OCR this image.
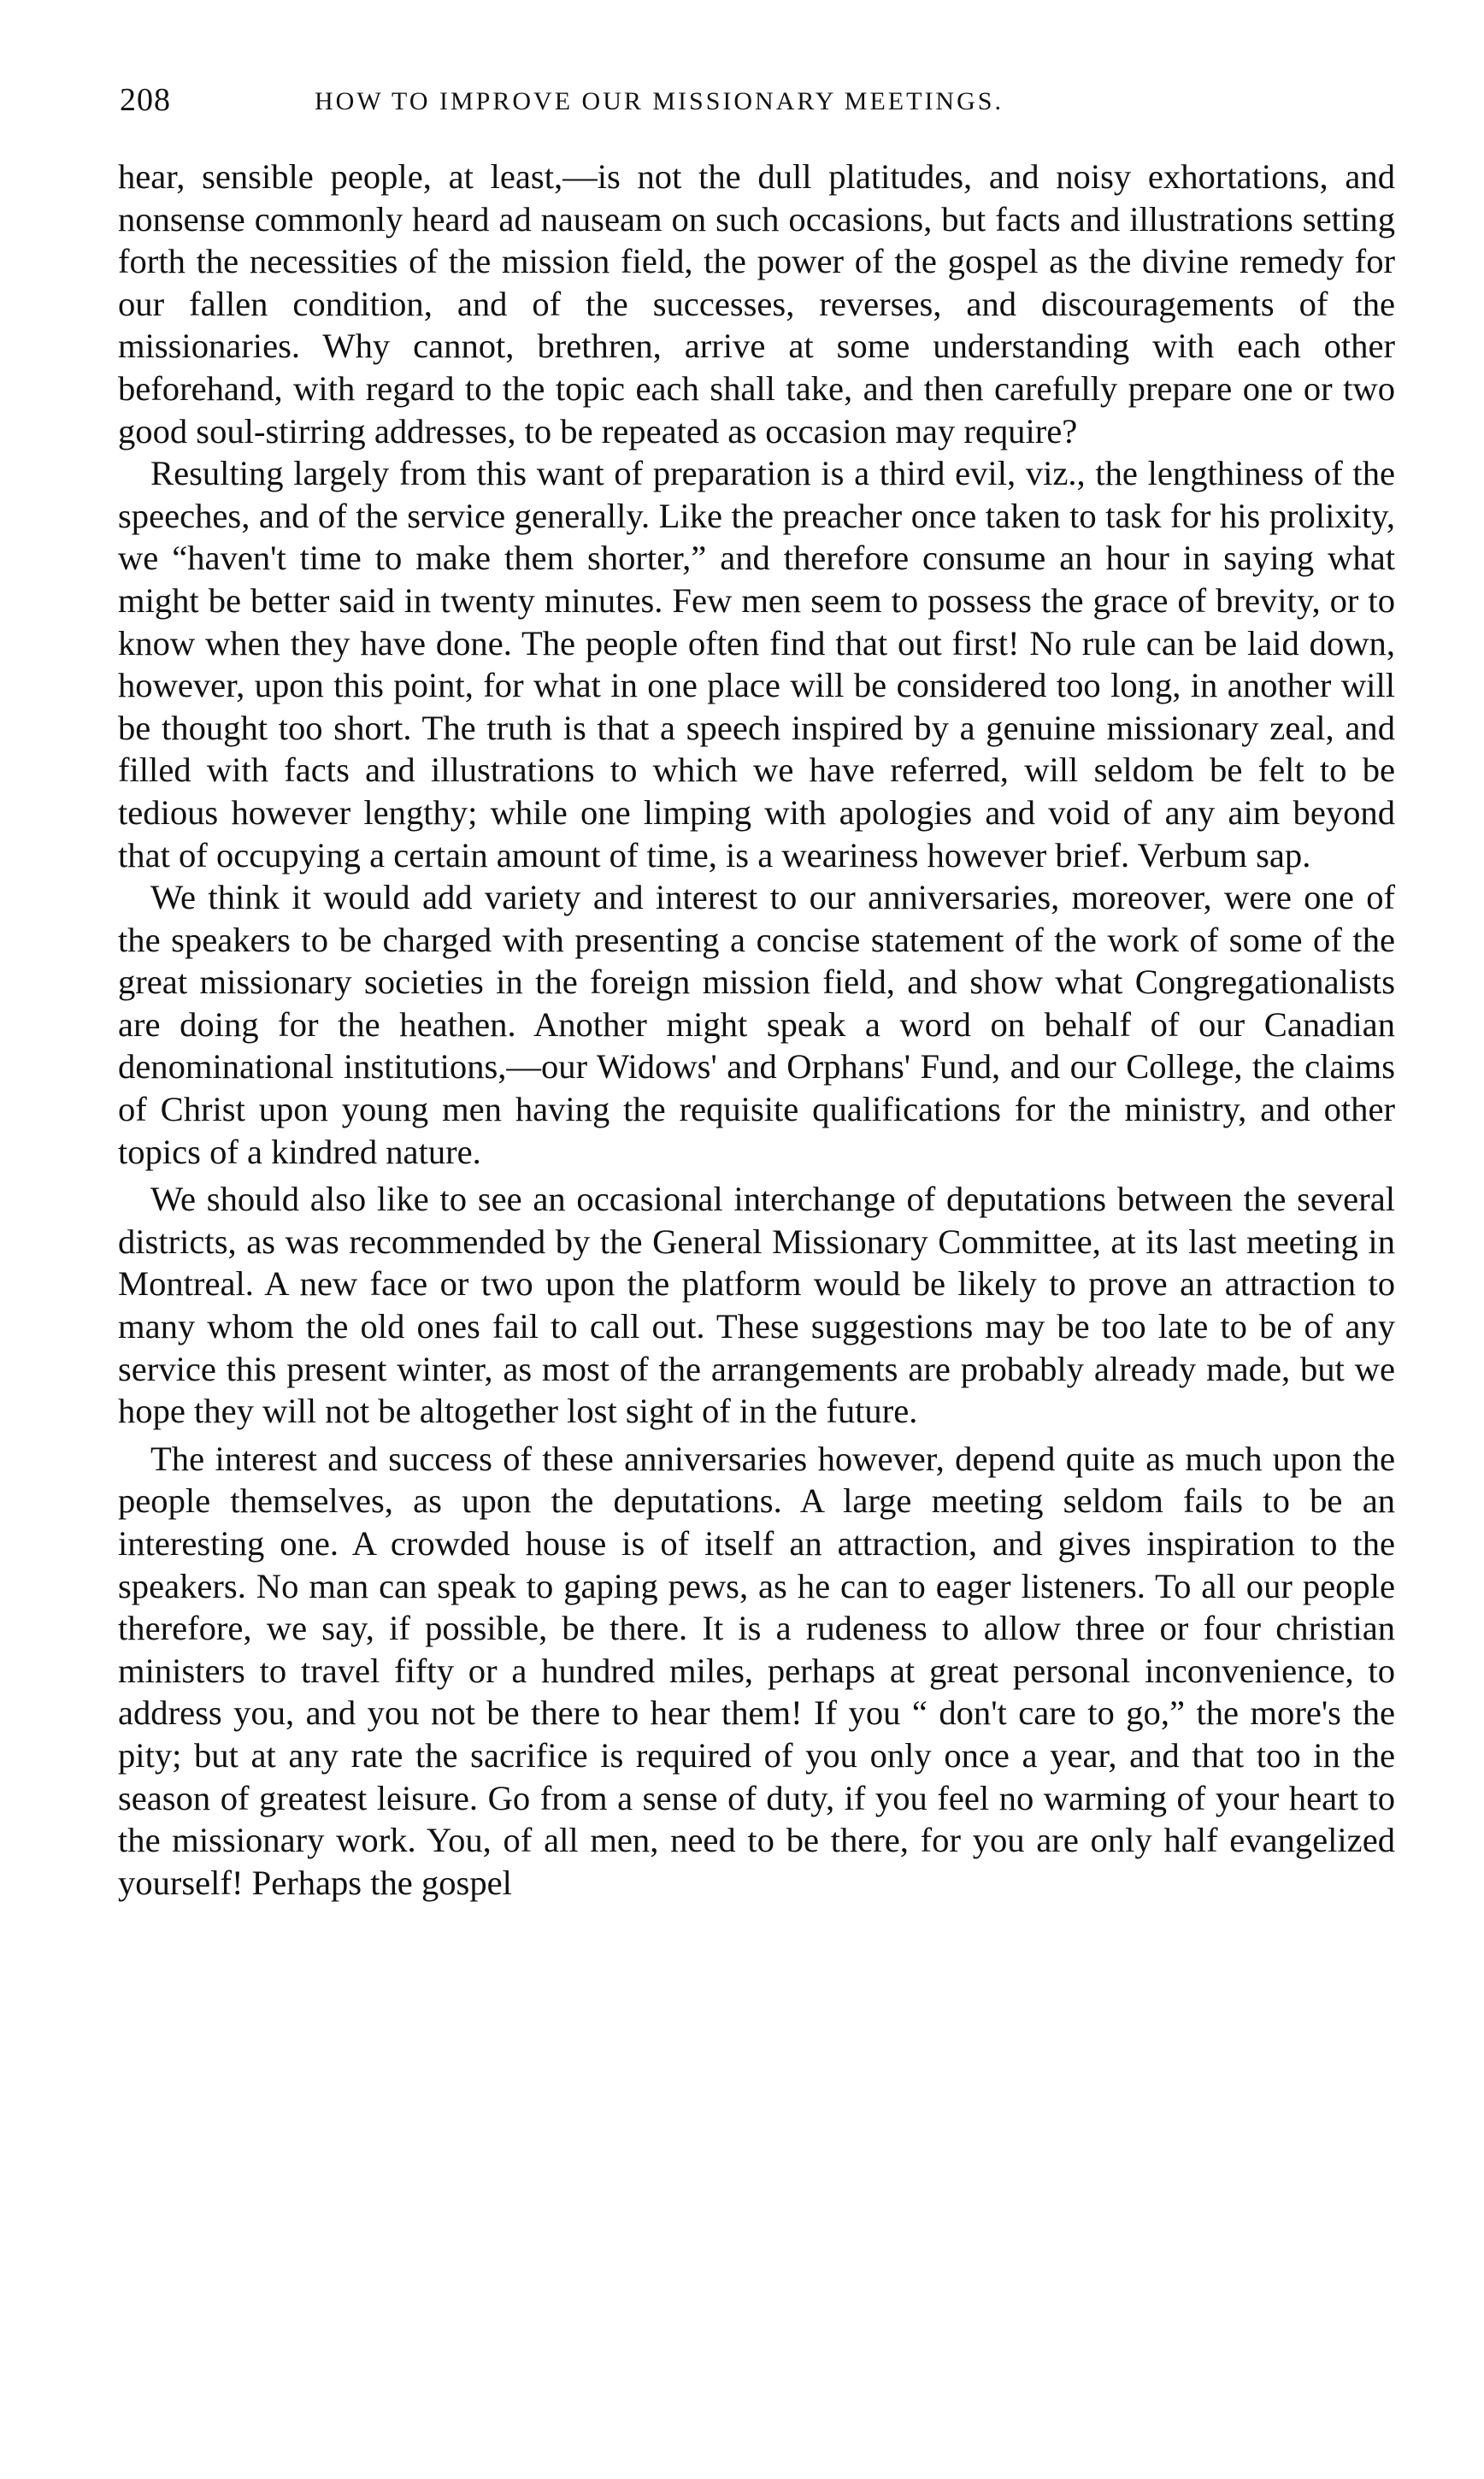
208	HOW TO IMPROVE OUR MISSIONARY MEETINGS.

hear, sensible people, at least,—is not the dull platitudes, and noisy exhortations, and nonsense commonly heard ad nauseam on such occasions, but facts and illustrations setting forth the necessities of the mission field, the power of the gospel as the divine remedy for our fallen condition, and of the successes, reverses, and discouragements of the missionaries. Why cannot, brethren, arrive at some understanding with each other beforehand, with regard to the topic each shall take, and then carefully prepare one or two good soul-stirring addresses, to be repeated as occasion may require?

Resulting largely from this want of preparation is a third evil, viz., the lengthiness of the speeches, and of the service generally. Like the preacher once taken to task for his prolixity, we “haven't time to make them shorter,” and therefore consume an hour in saying what might be better said in twenty minutes. Few men seem to possess the grace of brevity, or to know when they have done. The people often find that out first! No rule can be laid down, however, upon this point, for what in one place will be considered too long, in another will be thought too short. The truth is that a speech inspired by a genuine missionary zeal, and filled with facts and illustrations to which we have referred, will seldom be felt to be tedious however lengthy; while one limping with apologies and void of any aim beyond that of occupying a certain amount of time, is a weariness however brief. Verbum sap.

We think it would add variety and interest to our anniversaries, moreover, were one of the speakers to be charged with presenting a concise statement of the work of some of the great missionary societies in the foreign mission field, and show what Congregationalists are doing for the heathen. Another might speak a word on behalf of our Canadian denominational institutions,—our Widows' and Orphans' Fund, and our College, the claims of Christ upon young men having the requisite qualifications for the ministry, and other topics of a kindred nature.

We should also like to see an occasional interchange of deputations between the several districts, as was recommended by the General Missionary Committee, at its last meeting in Montreal. A new face or two upon the platform would be likely to prove an attraction to many whom the old ones fail to call out. These suggestions may be too late to be of any service this present winter, as most of the arrangements are probably already made, but we hope they will not be altogether lost sight of in the future.

The interest and success of these anniversaries however, depend quite as much upon the people themselves, as upon the deputations. A large meeting seldom fails to be an interesting one. A crowded house is of itself an attraction, and gives inspiration to the speakers. No man can speak to gaping pews, as he can to eager listeners. To all our people therefore, we say, if possible, be there. It is a rudeness to allow three or four christian ministers to travel fifty or a hundred miles, perhaps at great personal inconvenience, to address you, and you not be there to hear them! If you “ don't care to go,” the more's the pity; but at any rate the sacrifice is required of you only once a year, and that too in the season of greatest leisure. Go from a sense of duty, if you feel no warming of your heart to the missionary work. You, of all men, need to be there, for you are only half evangelized yourself! Perhaps the gospel
